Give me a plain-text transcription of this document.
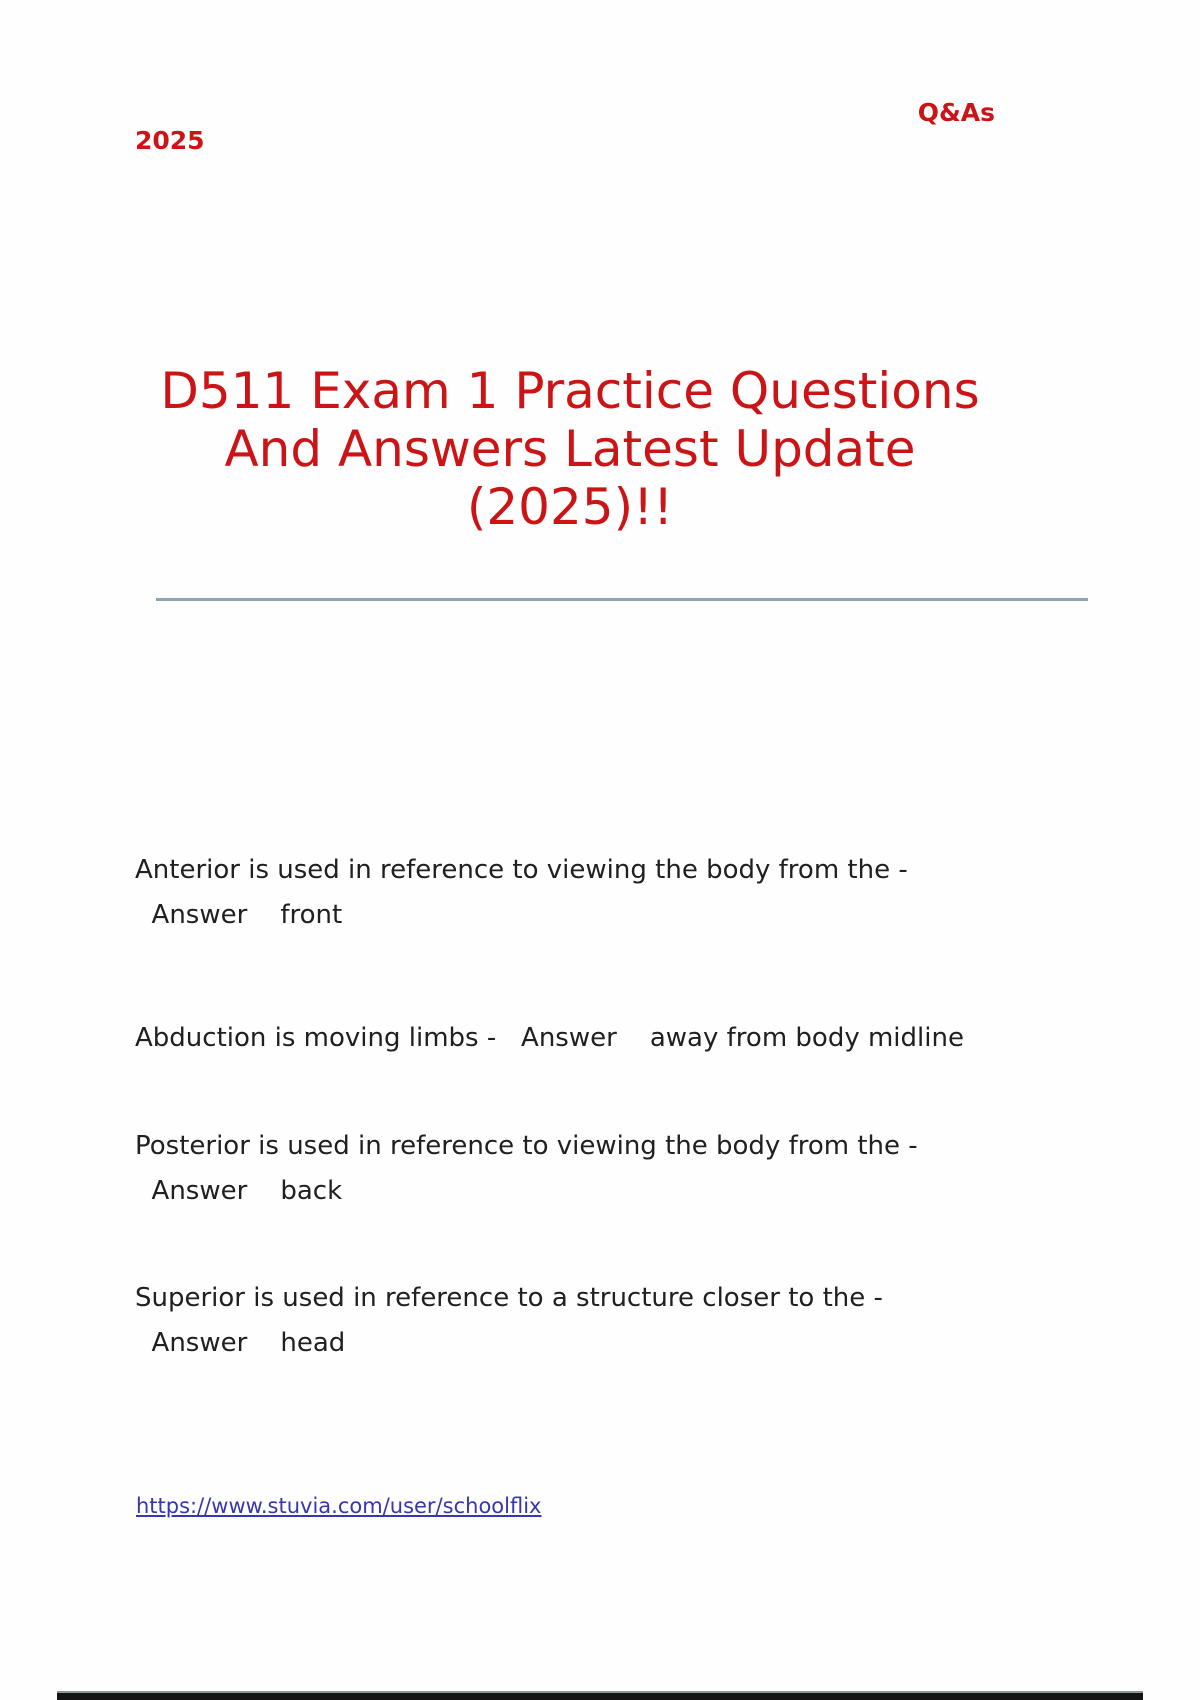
Q&As
2025
D511 Exam 1 Practice Questions And Answers Latest Update (2025)!!

Anterior is used in reference to viewing the body from the -   Answer front

Abduction is moving limbs - Answer away from body midline

Posterior is used in reference to viewing the body from the -   Answer back

Superior is used in reference to a structure closer to the -   Answer head

https://www.stuvia.com/user/schoolflix
